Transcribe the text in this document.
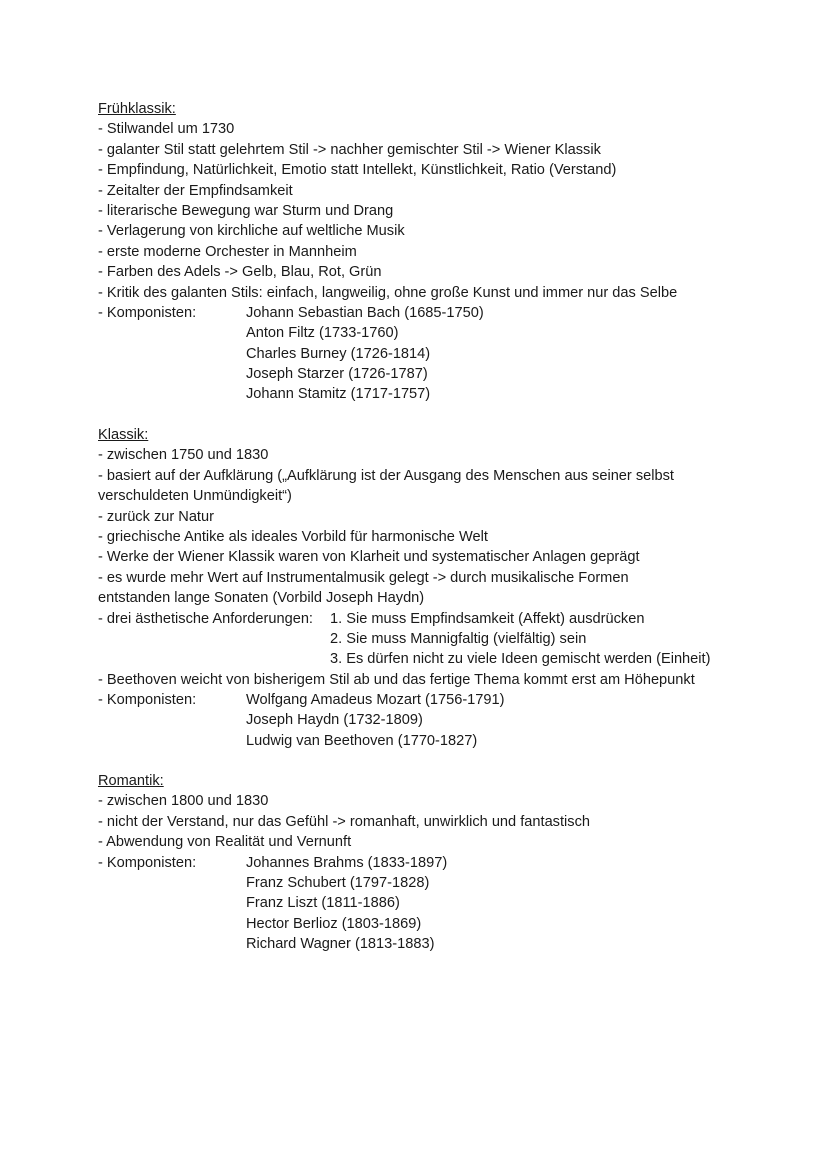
Frühklassik:
- Stilwandel um 1730
- galanter Stil statt gelehrtem Stil -> nachher gemischter Stil -> Wiener Klassik
- Empfindung, Natürlichkeit, Emotio statt Intellekt, Künstlichkeit, Ratio (Verstand)
- Zeitalter der Empfindsamkeit
- literarische Bewegung war Sturm und Drang
- Verlagerung von kirchliche auf weltliche Musik
- erste moderne Orchester in Mannheim
- Farben des Adels -> Gelb, Blau, Rot, Grün
- Kritik des galanten Stils: einfach, langweilig, ohne große Kunst und immer nur das Selbe
- Komponisten:	Johann Sebastian Bach (1685-1750)
Anton Filtz (1733-1760)
Charles Burney (1726-1814)
Joseph Starzer (1726-1787)
Johann Stamitz (1717-1757)
Klassik:
- zwischen 1750 und 1830
- basiert auf der Aufklärung („Aufklärung ist der Ausgang des Menschen aus seiner selbst
verschuldeten Unmündigkeit“)
- zurück zur Natur
- griechische Antike als ideales Vorbild für harmonische Welt
- Werke der Wiener Klassik waren von Klarheit und systematischer Anlagen geprägt
- es wurde mehr Wert auf Instrumentalmusik gelegt -> durch musikalische Formen
entstanden lange Sonaten (Vorbild Joseph Haydn)
- drei ästhetische Anforderungen:	1. Sie muss Empfindsamkeit (Affekt) ausdrücken
2. Sie muss Mannigfaltig (vielfältig) sein
3. Es dürfen nicht zu viele Ideen gemischt werden (Einheit)
- Beethoven weicht von bisherigem Stil ab und das fertige Thema kommt erst am Höhepunkt
- Komponisten:	Wolfgang Amadeus Mozart (1756-1791)
Joseph Haydn (1732-1809)
Ludwig van Beethoven (1770-1827)
Romantik:
- zwischen 1800 und 1830
- nicht der Verstand, nur das Gefühl -> romanhaft, unwirklich und fantastisch
- Abwendung von Realität und Vernunft
- Komponisten:	Johannes Brahms (1833-1897)
Franz Schubert (1797-1828)
Franz Liszt (1811-1886)
Hector Berlioz (1803-1869)
Richard Wagner (1813-1883)
